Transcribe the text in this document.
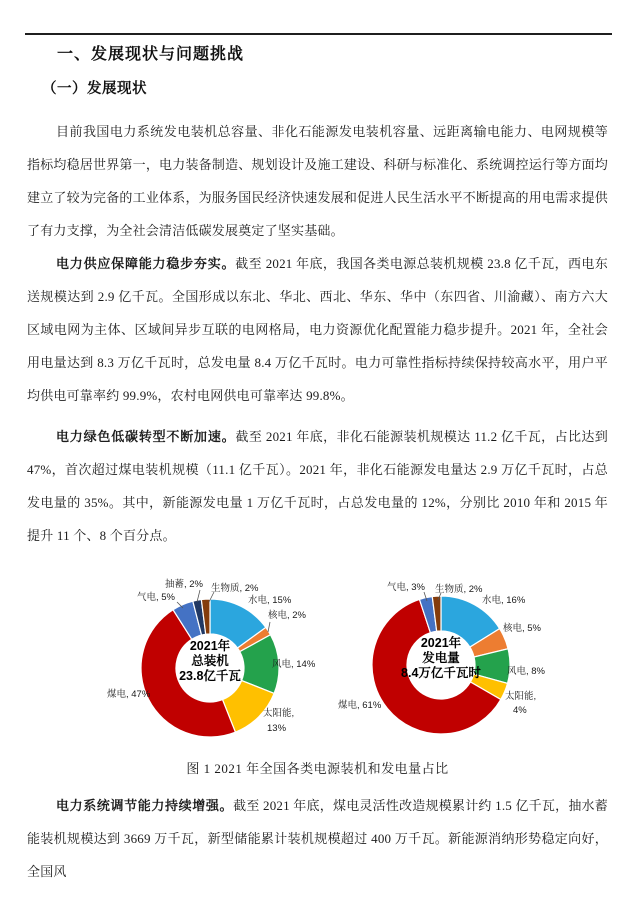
一、发展现状与问题挑战
（一）发展现状

目前我国电力系统发电装机总容量、非化石能源发电装机容量、远距离输电能力、电网规模等指标均稳居世界第一，电力装备制造、规划设计及施工建设、科研与标准化、系统调控运行等方面均建立了较为完备的工业体系，为服务国民经济快速发展和促进人民生活水平不断提高的用电需求提供了有力支撑，为全社会清洁低碳发展奠定了坚实基础。

电力供应保障能力稳步夯实。截至 2021 年底，我国各类电源总装机规模 23.8 亿千瓦，西电东送规模达到 2.9 亿千瓦。全国形成以东北、华北、西北、华东、华中（东四省、川渝藏）、南方六大区域电网为主体、区域间异步互联的电网格局，电力资源优化配置能力稳步提升。2021 年，全社会用电量达到 8.3 万亿千瓦时，总发电量 8.4 万亿千瓦时。电力可靠性指标持续保持较高水平，用户平均供电可靠率约 99.9%，农村电网供电可靠率达 99.8%。

电力绿色低碳转型不断加速。截至 2021 年底，非化石能源装机规模达 11.2 亿千瓦，占比达到 47%，首次超过煤电装机规模（11.1 亿千瓦）。2021 年，非化石能源发电量达 2.9 万亿千瓦时，占总发电量的 35%。其中，新能源发电量 1 万亿千瓦时，占总发电量的 12%，分别比 2010 年和 2015 年提升 11 个、8 个百分点。

水电, 15%
核电, 2%
风电, 14%
太阳能,
13%
煤电, 47%
气电, 5%
抽蓄, 2% 生物质, 2%
2021年
总装机
23.8亿千瓦
水电, 16%
核电, 5%
风电, 8%
太阳能,
4%
煤电, 61%
气电, 3% 生物质, 2%
2021年
发电量
8.4万亿千瓦时

图 1 2021 年全国各类电源装机和发电量占比

电力系统调节能力持续增强。截至 2021 年底，煤电灵活性改造规模累计约 1.5 亿千瓦，抽水蓄能装机规模达到 3669 万千瓦，新型储能累计装机规模超过 400 万千瓦。新能源消纳形势稳定向好，全国风
